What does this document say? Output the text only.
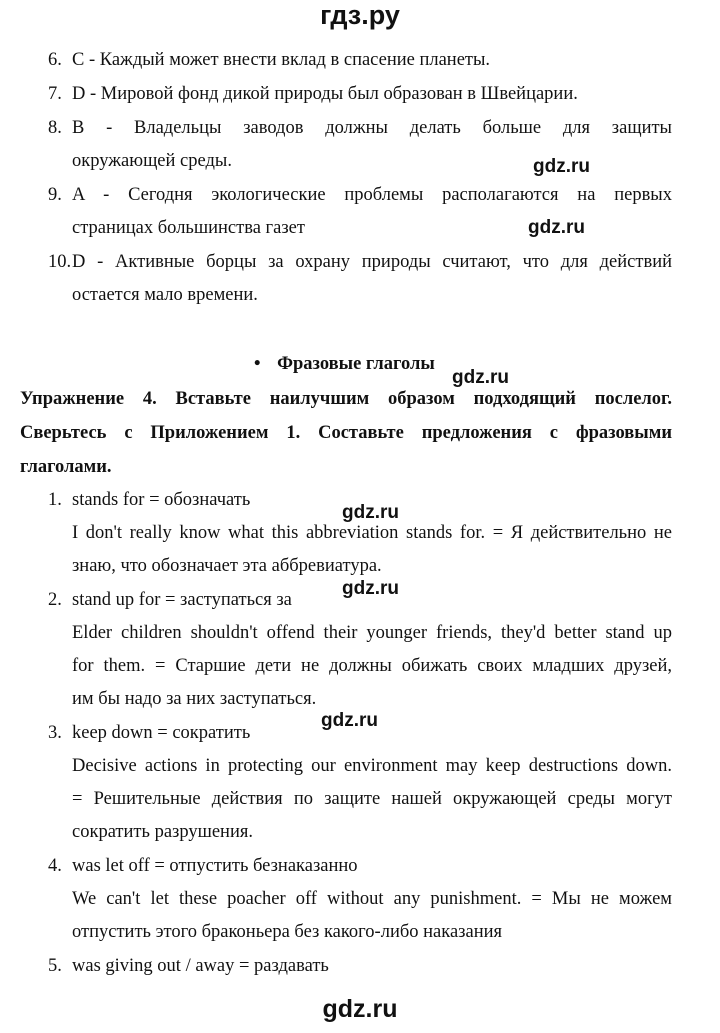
гдз.ру
6. C - Каждый может внести вклад в спасение планеты.
7. D - Мировой фонд дикой природы был образован в Швейцарии.
8. B - Владельцы заводов должны делать больше для защиты
окружающей среды.
9. A - Сегодня экологические проблемы располагаются на первых
страницах большинства газет
10. D - Активные борцы за охрану природы считают, что для действий
остается мало времени.
gdz.ru
gdz.ru
gdz.ru
gdz.ru
gdz.ru
gdz.ru
• Фразовые глаголы
Упражнение 4. Вставьте наилучшим образом подходящий послелог.
Сверьтесь с Приложением 1. Составьте предложения с фразовыми
глаголами.
1. stands for = обозначать
I don't really know what this abbreviation stands for. = Я действительно не
знаю, что обозначает эта аббревиатура.
2. stand up for = заступаться за
Elder children shouldn't offend their younger friends, they'd better stand up
for them. = Старшие дети не должны обижать своих младших друзей,
им бы надо за них заступаться.
3. keep down = сократить
Decisive actions in protecting our environment may keep destructions down.
= Решительные действия по защите нашей окружающей среды могут
сократить разрушения.
4. was let off = отпустить безнаказанно
We can't let these poacher off without any punishment. = Мы не можем
отпустить этого браконьера без какого-либо наказания
5. was giving out / away = раздавать
gdz.ru
